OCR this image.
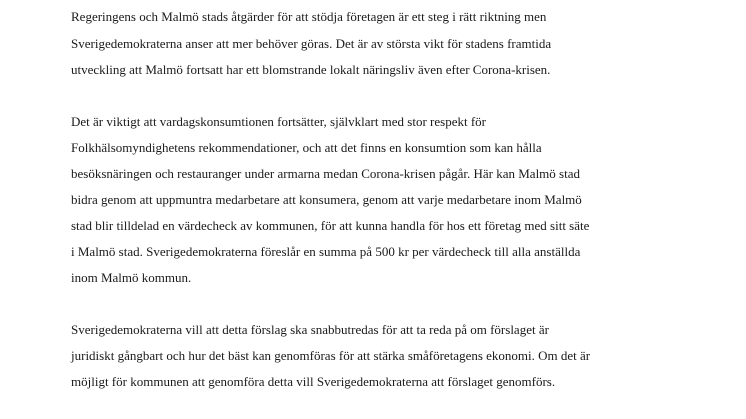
Regeringens och Malmö stads åtgärder för att stödja företagen är ett steg i rätt riktning men

Sverigedemokraterna anser att mer behöver göras. Det är av största vikt för stadens framtida

utveckling att Malmö fortsatt har ett blomstrande lokalt näringsliv även efter Corona-krisen.

Det är viktigt att vardagskonsumtionen fortsätter, självklart med stor respekt för

Folkhälsomyndighetens rekommendationer, och att det finns en konsumtion som kan hålla

besöksnäringen och restauranger under armarna medan Corona-krisen pågår. Här kan Malmö stad

bidra genom att uppmuntra medarbetare att konsumera, genom att varje medarbetare inom Malmö

stad blir tilldelad en värdecheck av kommunen, för att kunna handla för hos ett företag med sitt säte

i Malmö stad. Sverigedemokraterna föreslår en summa på 500 kr per värdecheck till alla anställda

inom Malmö kommun.

Sverigedemokraterna vill att detta förslag ska snabbutredas för att ta reda på om förslaget är

juridiskt gångbart och hur det bäst kan genomföras för att stärka småföretagens ekonomi. Om det är

möjligt för kommunen att genomföra detta vill Sverigedemokraterna att förslaget genomförs.
